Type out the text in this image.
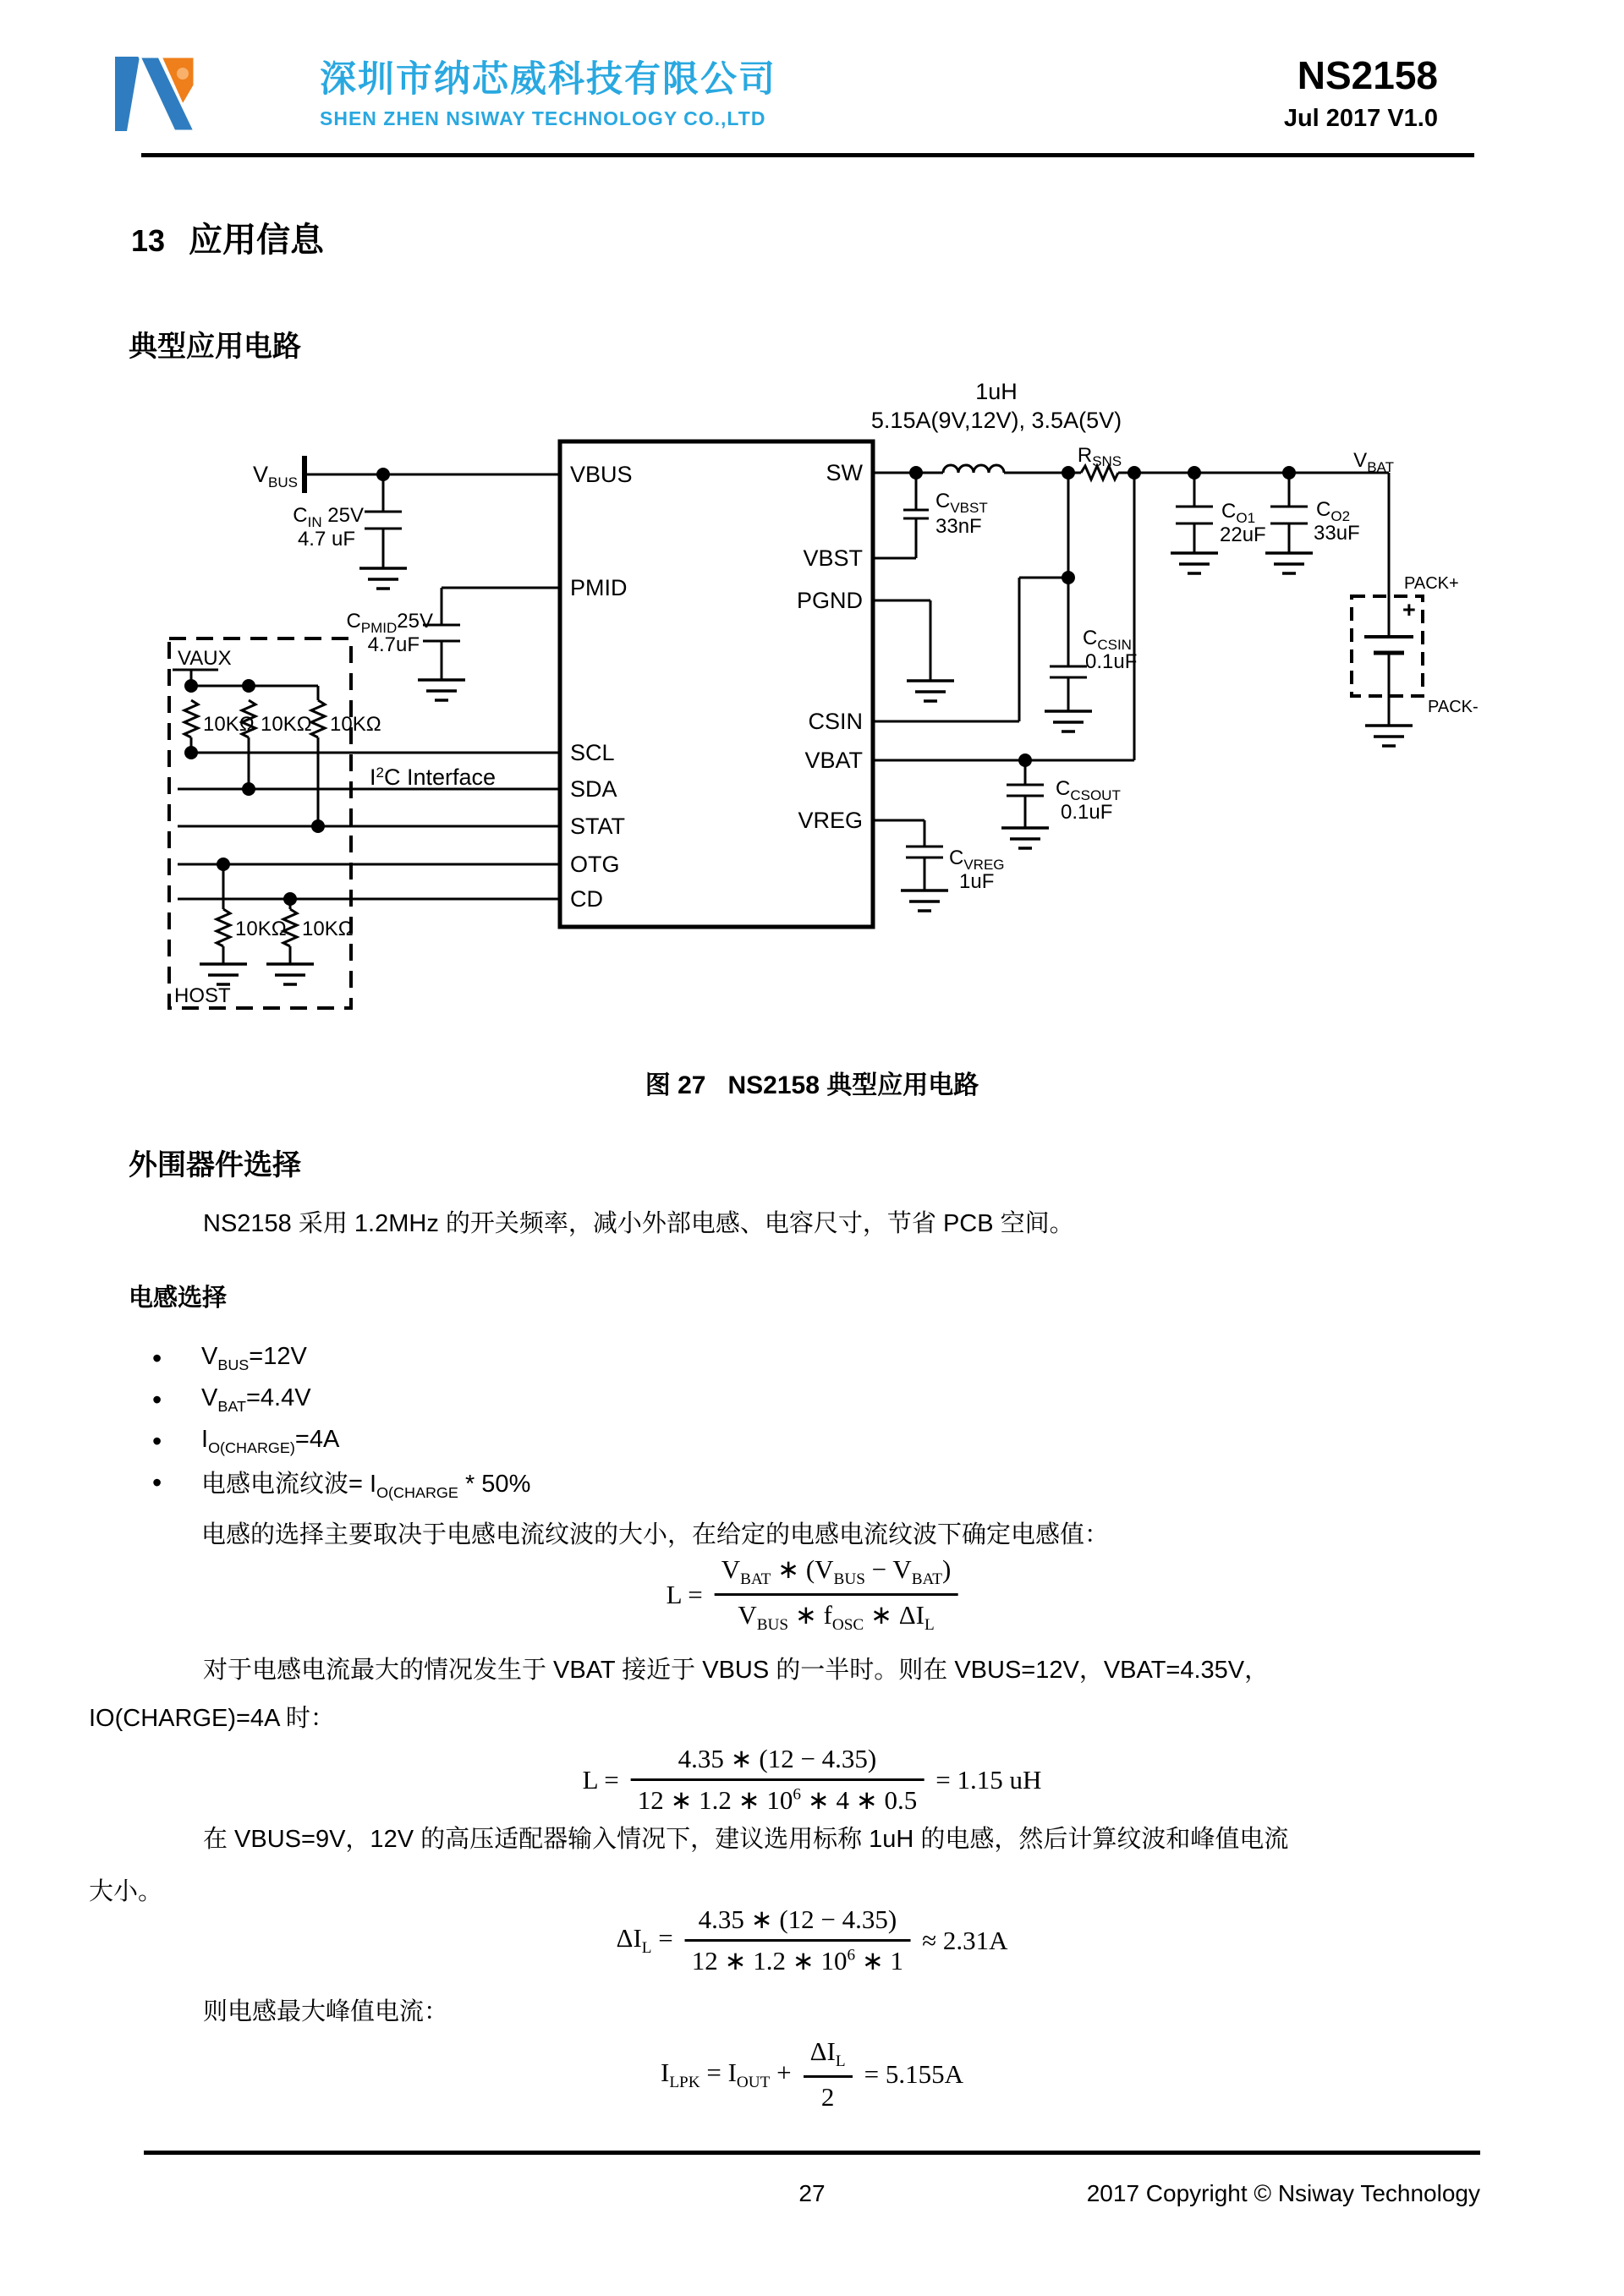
深圳市纳芯威科技有限公司
SHEN ZHEN NSIWAY TECHNOLOGY CO.,LTD
NS2158
Jul 2017 V1.0
13 应用信息
典型应用电路
VBUS
PMID
SCL
SDA
STAT
OTG
CD
SW
VBST
PGND
CSIN
VBAT
VREG
$V_{BUS}$
$C_{IN}$ 25V
4.7 uF
$C_{PMID}25V$
4.7uF
VAUX
HOST
10KΩ 10KΩ 10KΩ
10KΩ 10KΩ
$I^2C$ Interface
1uH
5.15A(9V,12V), 3.5A(5V)
$R_{SNS}$
$C_{VBST}$
33nF
$C_{CSIN}$
0.1uF
$C_{CSOUT}$
0.1uF
$C_{VREG}$
1uF
$C_{O1}$
22uF
$C_{O2}$
33uF
$V_{BAT}$
PACK+
PACK-
+
图 27 NS2158 典型应用电路
外围器件选择
NS2158 采用 1.2MHz 的开关频率，减小外部电感、电容尺寸，节省 PCB 空间。
电感选择
•	$V_{BUS}=12V$
•	$V_{BAT}=4.4V$
•	$I_{O(CHARGE)}=4A$
•	电感电流纹波= $I_{O(CHARGE} * 50\%$
电感的选择主要取决于电感电流纹波的大小，在给定的电感电流纹波下确定电感值：
$L = \frac{V_{BAT} ∗ (V_{BUS} - V_{BAT})}{V_{BUS} ∗ f_{OSC} ∗ \Delta I_L}$
对于电感电流最大的情况发生于 VBAT 接近于 VBUS 的一半时。则在 VBUS=12V，VBAT=4.35V，
IO(CHARGE)=4A 时：
$L = \frac{4.35 ∗ (12 - 4.35)}{12 ∗ 1.2 ∗ 10^6 ∗ 4 ∗ 0.5} = 1.15$ uH
在 VBUS=9V，12V 的高压适配器输入情况下，建议选用标称 1uH 的电感，然后计算纹波和峰值电流
大小。
$\Delta I_L = \frac{4.35 ∗ (12 - 4.35)}{12 ∗ 1.2 ∗ 10^6 ∗ 1} \approx 2.31A$
则电感最大峰值电流：
$I_{LPK} = I_{OUT} + \frac{\Delta I_L}{2} = 5.155A$
27	2017 Copyright © Nsiway Technology
